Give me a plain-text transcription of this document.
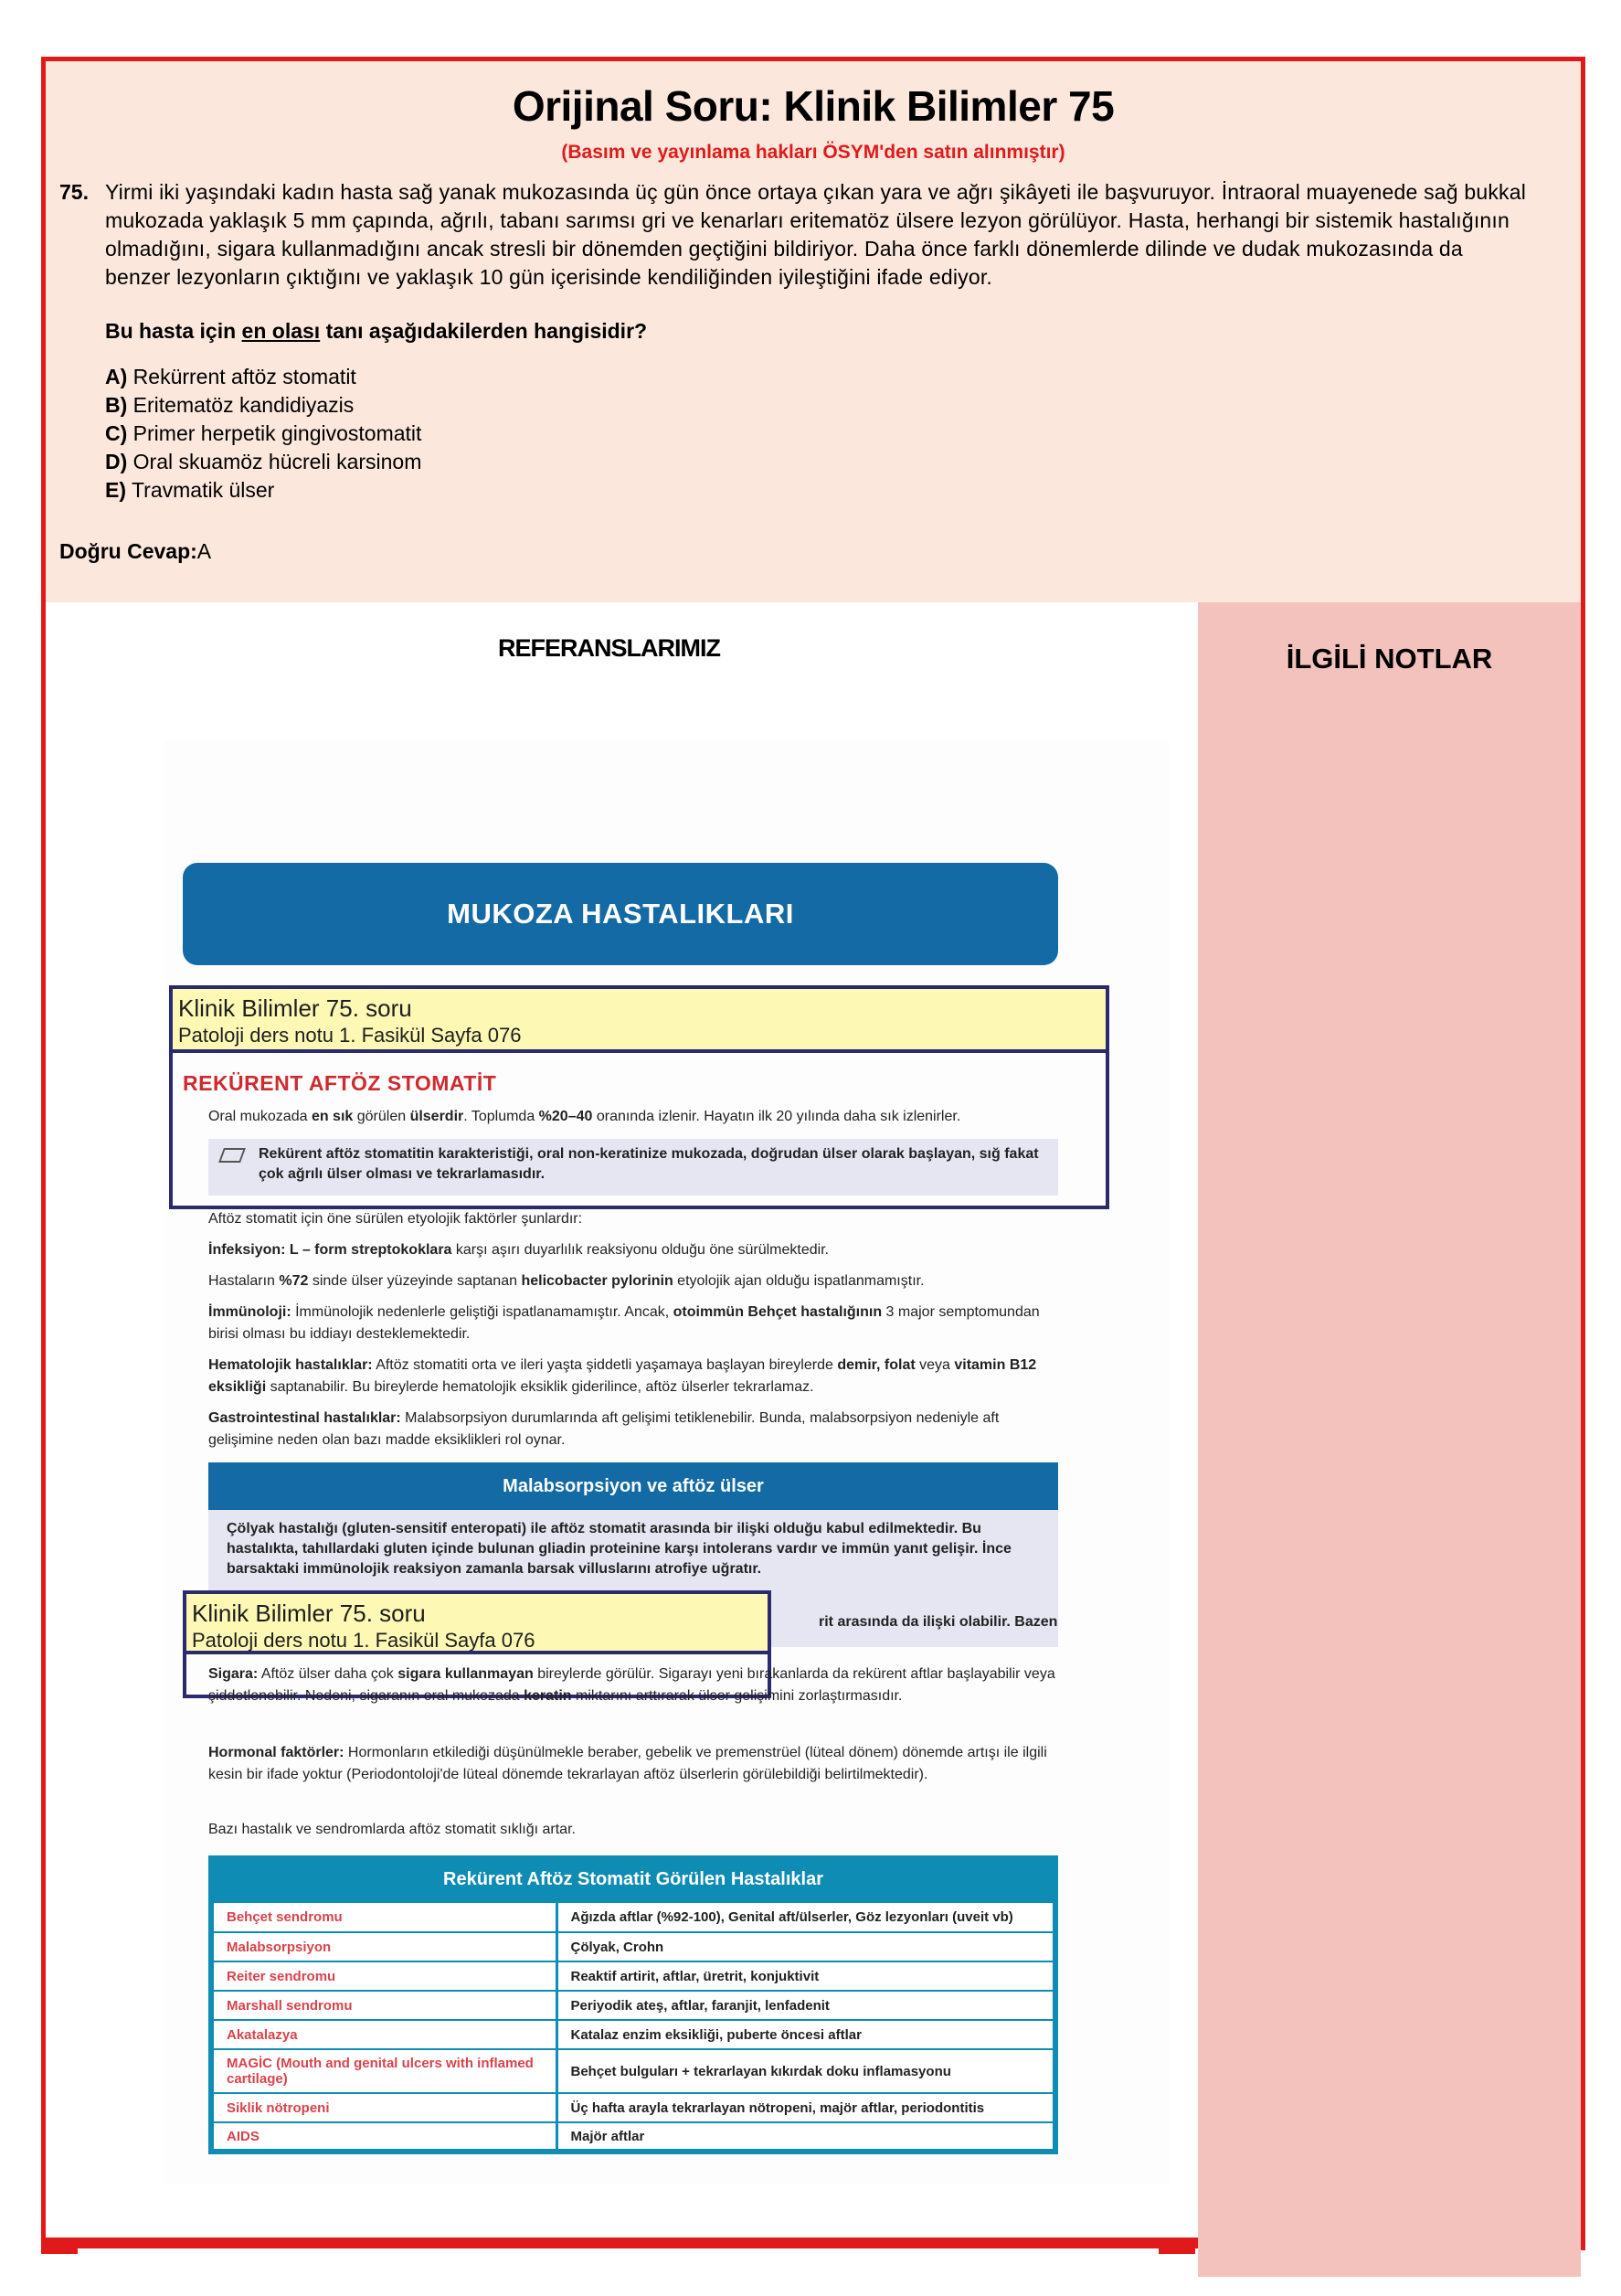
Orijinal Soru: Klinik Bilimler 75
(Basım ve yayınlama hakları ÖSYM'den satın alınmıştır)
75. Yirmi iki yaşındaki kadın hasta sağ yanak mukozasında üç gün önce ortaya çıkan yara ve ağrı şikâyeti ile başvuruyor. İntraoral muayenede sağ bukkal mukozada yaklaşık 5 mm çapında, ağrılı, tabanı sarımsı gri ve kenarları eritematöz ülsere lezyon görülüyor. Hasta, herhangi bir sistemik hastalığının olmadığını, sigara kullanmadığını ancak stresli bir dönemden geçtiğini bildiriyor. Daha önce farklı dönemlerde dilinde ve dudak mukozasında da benzer lezyonların çıktığını ve yaklaşık 10 gün içerisinde kendiliğinden iyileştiğini ifade ediyor.

Bu hasta için en olası tanı aşağıdakilerden hangisidir?
A) Rekürrent aftöz stomatit
B) Eritematöz kandidiyazis
C) Primer herpetik gingivostomatit
D) Oral skuamöz hücreli karsinom
E) Travmatik ülser
Doğru Cevap:A
İLGİLİ NOTLAR
REFERANSLARIMIZ
MUKOZA HASTALIKLARI
Klinik Bilimler 75. soru
Patoloji ders notu 1. Fasikül Sayfa 076
REKÜRENT AFTÖZ STOMATİT

Oral mukozada en sık görülen ülserdir. Toplumda %20–40 oranında izlenir. Hayatın ilk 20 yılında daha sık izlenirler.

Rekürent aftöz stomatitin karakteristiği, oral non-keratinize mukozada, doğrudan ülser olarak başlayan, sığ fakat çok ağrılı ülser olması ve tekrarlamasıdır.

Aftöz stomatit için öne sürülen etyolojik faktörler şunlardır:

İnfeksiyon: L – form streptokoklara karşı aşırı duyarlılık reaksiyonu olduğu öne sürülmektedir.

Hastaların %72 sinde ülser yüzeyinde saptanan helicobacter pylorinin etyolojik ajan olduğu ispatlanmamıştır.

İmmünoloji: İmmünolojik nedenlerle geliştiği ispatlanamamıştır. Ancak, otoimmün Behçet hastalığının 3 major semptomundan birisi olması bu iddiayı desteklemektedir.

Hematolojik hastalıklar: Aftöz stomatiti orta ve ileri yaşta şiddetli yaşamaya başlayan bireylerde demir, folat veya vitamin B12 eksikliği saptanabilir. Bu bireylerde hematolojik eksiklik giderilince, aftöz ülserler tekrarlamaz.

Gastrointestinal hastalıklar: Malabsorpsiyon durumlarında aft gelişimi tetiklenebilir. Bunda, malabsorpsiyon nedeniyle aft gelişimine neden olan bazı madde eksiklikleri rol oynar.

Malabsorpsiyon ve aftöz ülser
Çölyak hastalığı (gluten-sensitif enteropati) ile aftöz stomatit arasında bir ilişki olduğu kabul edilmektedir. Bu hastalıkta, tahıllardaki gluten içinde bulunan gliadin proteinine karşı intolerans vardır ve immün yanıt gelişir. İnce barsaktaki immünolojik reaksiyon zamanla barsak villuslarını atrofiye uğratır.
rit arasında da ilişki olabilir. Bazen
Klinik Bilimler 75. soru
Patoloji ders notu 1. Fasikül Sayfa 076

Sigara: Aftöz ülser daha çok sigara kullanmayan bireylerde görülür. Sigarayı yeni bırakanlarda da rekürent aftlar başlayabilir veya şiddetlenebilir. Nedeni, sigaranın oral mukozada keratin miktarını arttırarak ülser gelişimini zorlaştırmasıdır.

Hormonal faktörler: Hormonların etkilediği düşünülmekle beraber, gebelik ve premenstrüel (lüteal dönem) dönemde artışı ile ilgili kesin bir ifade yoktur (Periodontoloji'de lüteal dönemde tekrarlayan aftöz ülserlerin görülebildiği belirtilmektedir).

Bazı hastalık ve sendromlarda aftöz stomatit sıklığı artar.

Rekürent Aftöz Stomatit Görülen Hastalıklar
Behçet sendromu	Ağızda aftlar (%92-100), Genital aft/ülserler, Göz lezyonları (uveit vb)
Malabsorpsiyon	Çölyak, Crohn
Reiter sendromu	Reaktif artirit, aftlar, üretrit, konjuktivit
Marshall sendromu	Periyodik ateş, aftlar, faranjit, lenfadenit
Akatalazya	Katalaz enzim eksikliği, puberte öncesi aftlar
MAGİC (Mouth and genital ulcers with inflamed cartilage)	Behçet bulguları + tekrarlayan kıkırdak doku inflamasyonu
Siklik nötropeni	Üç hafta arayla tekrarlayan nötropeni, majör aftlar, periodontitis
AIDS	Majör aftlar
